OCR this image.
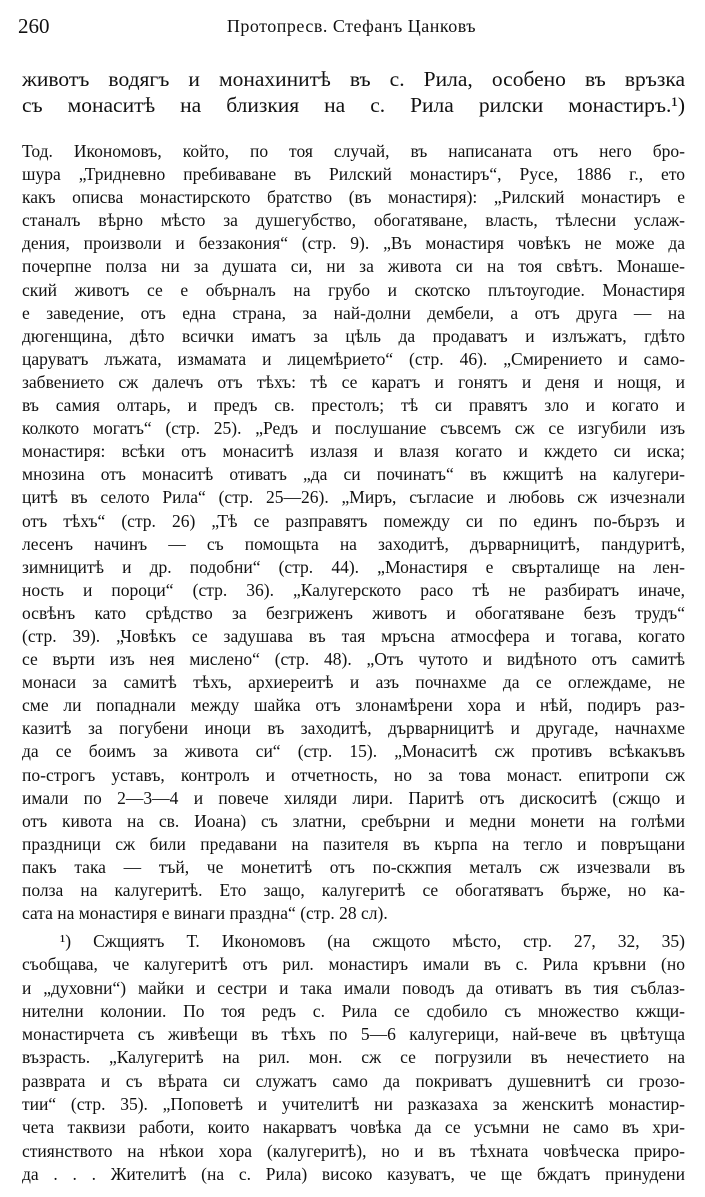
260	Протопресв. Стефанъ Цанковъ
животъ водягъ и монахинитѣ въ с. Рила, особено въ връзка
съ монаситѣ на близкия на с. Рила рилски монастиръ.¹)
Тод. Икономовъ, който, по тоя случай, въ написаната отъ него бро-
шура „Тридневно пребиваване въ Рилский монастиръ“, Русе, 1886 г., ето
какъ описва монастирското братство (въ монастиря): „Рилский монастиръ е
станалъ вѣрно мѣсто за душегубство, обогатяване, власть, тѣлесни услаж-
дения, произволи и беззакония“ (стр. 9). „Въ монастиря човѣкъ не може да
почерпне полза ни за душата си, ни за живота си на тоя свѣтъ. Монаше-
ский животъ се е обърналъ на грубо и скотско плътоугодие. Монастиря
е заведение, отъ една страна, за най-долни дембели, а отъ друга — на
дюгенщина, дѣто всички иматъ за цѣль да продаватъ и излъжатъ, гдѣто
царуватъ лъжата, измамата и лицемѣрието“ (стр. 46). „Смирението и само-
забвението сж далечъ отъ тѣхъ: тѣ се каратъ и гонятъ и деня и нощя, и
въ самия олтарь, и предъ св. престолъ; тѣ си правятъ зло и когато и
колкото могатъ“ (стр. 25). „Редъ и послушание съвсемъ сж се изгубили изъ
монастиря: всѣки отъ монаситѣ излазя и влазя когато и кждето си иска;
мнозина отъ монаситѣ отиватъ „да си починатъ“ въ кжщитѣ на калугери-
цитѣ въ селото Рила“ (стр. 25—26). „Миръ, съгласие и любовь сж изчезнали
отъ тѣхъ“ (стр. 26) „Тѣ се разправятъ помежду си по единъ по-бързъ и
лесенъ начинъ — съ помощьта на заходитѣ, дърварницитѣ, пандуритѣ,
зимницитѣ и др. подобни“ (стр. 44). „Монастиря е свърталище на лен-
ность и пороци“ (стр. 36). „Калугерското расо тѣ не разбиратъ иначе,
освѣнъ като срѣдство за безгриженъ животъ и обогатяване безъ трудъ“
(стр. 39). „Човѣкъ се задушава въ тая мръсна атмосфера и тогава, когато
се върти изъ нея мислено“ (стр. 48). „Отъ чутото и видѣното отъ самитѣ
монаси за самитѣ тѣхъ, архиереитѣ и азъ почнахме да се оглеждаме, не
сме ли попаднали между шайка отъ злонамѣрени хора и нѣй, подиръ раз-
казитѣ за погубени иноци въ заходитѣ, дърварницитѣ и другаде, начнахме
да се боимъ за живота си“ (стр. 15). „Монаситѣ сж противъ всѣкакъвъ
по-строгъ уставъ, контролъ и отчетность, но за това монаст. епитропи сж
имали по 2—3—4 и повече хиляди лири. Паритѣ отъ дискоситѣ (сжщо и
отъ кивота на св. Иоана) съ златни, сребърни и медни монети на голѣми
праздници сж били предавани на пазителя въ кърпа на тегло и повръщани
пакъ така — тъй, че монетитѣ отъ по-скжпия металъ сж изчезвали въ
полза на калугеритѣ. Ето защо, калугеритѣ се обогатяватъ бърже, но ка-
сата на монастиря е винаги праздна“ (стр. 28 сл).
¹) Сжщиятъ Т. Икономовъ (на сжщото мѣсто, стр. 27, 32, 35)
съобщава, че калугеритѣ отъ рил. монастиръ имали въ с. Рила кръвни (но
и „духовни“) майки и сестри и така имали поводъ да отиватъ въ тия съблаз-
нителни колонии. По тоя редъ с. Рила се сдобило съ множество кжщи-
монастирчета съ живѣещи въ тѣхъ по 5—6 калугерици, най-вече въ цвѣтуща
възрасть. „Калугеритѣ на рил. мон. сж се погрузили въ нечестието на
разврата и съ вѣрата си служатъ само да покриватъ душевнитѣ си грозо-
тии“ (стр. 35). „Поповетѣ и учителитѣ ни разказаха за женскитѣ монастир-
чета таквизи работи, които накарватъ човѣка да се усъмни не само въ хри-
стиянството на нѣкои хора (калугеритѣ), но и въ тѣхната човѣческа приро-
да . . . Жителитѣ (на с. Рила) високо казуватъ, че ще бждатъ принудени
